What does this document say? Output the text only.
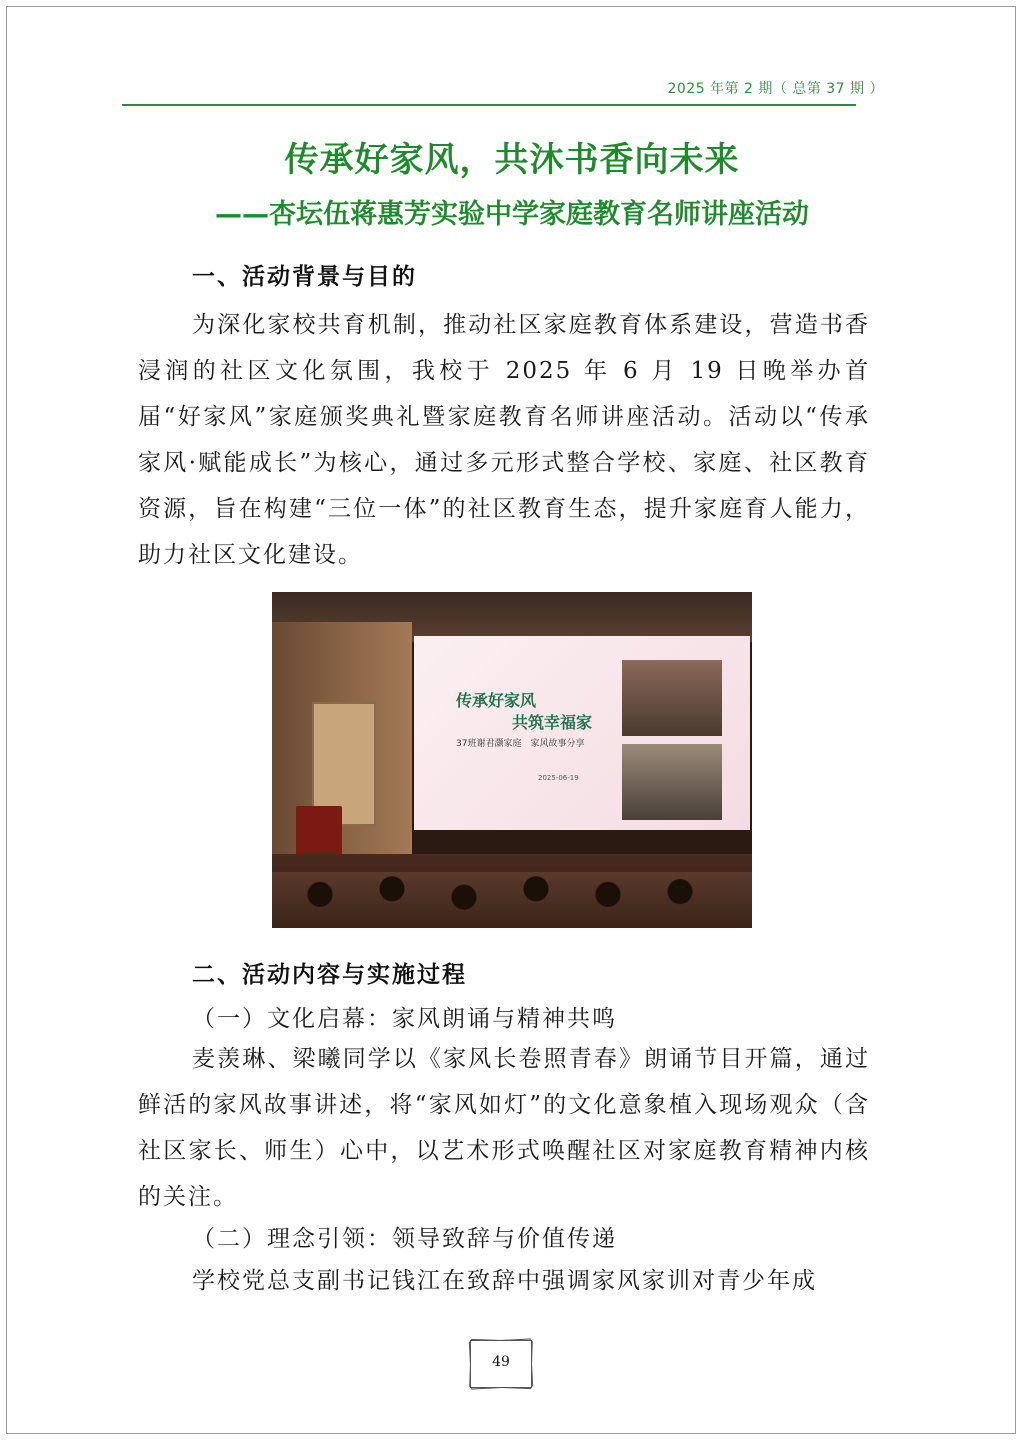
2025 年第 2 期（ 总第 37 期 ）
传承好家风，共沐书香向未来
——杏坛伍蒋惠芳实验中学家庭教育名师讲座活动
一、活动背景与目的

为深化家校共育机制，推动社区家庭教育体系建设，营造书香浸润的社区文化氛围，我校于 2025 年 6 月 19 日晚举办首届“好家风”家庭颁奖典礼暨家庭教育名师讲座活动。活动以“传承家风·赋能成长”为核心，通过多元形式整合学校、家庭、社区教育资源，旨在构建“三位一体”的社区教育生态，提升家庭育人能力，助力社区文化建设。

传承好家风
共筑幸福家
37班谢君灏家庭　家风故事分享
2025-06-19
二、活动内容与实施过程
（一）文化启幕：家风朗诵与精神共鸣

麦羡琳、梁曦同学以《家风长卷照青春》朗诵节目开篇，通过鲜活的家风故事讲述，将“家风如灯”的文化意象植入现场观众（含社区家长、师生）心中，以艺术形式唤醒社区对家庭教育精神内核的关注。

（二）理念引领：领导致辞与价值传递

学校党总支副书记钱江在致辞中强调家风家训对青少年成

49
